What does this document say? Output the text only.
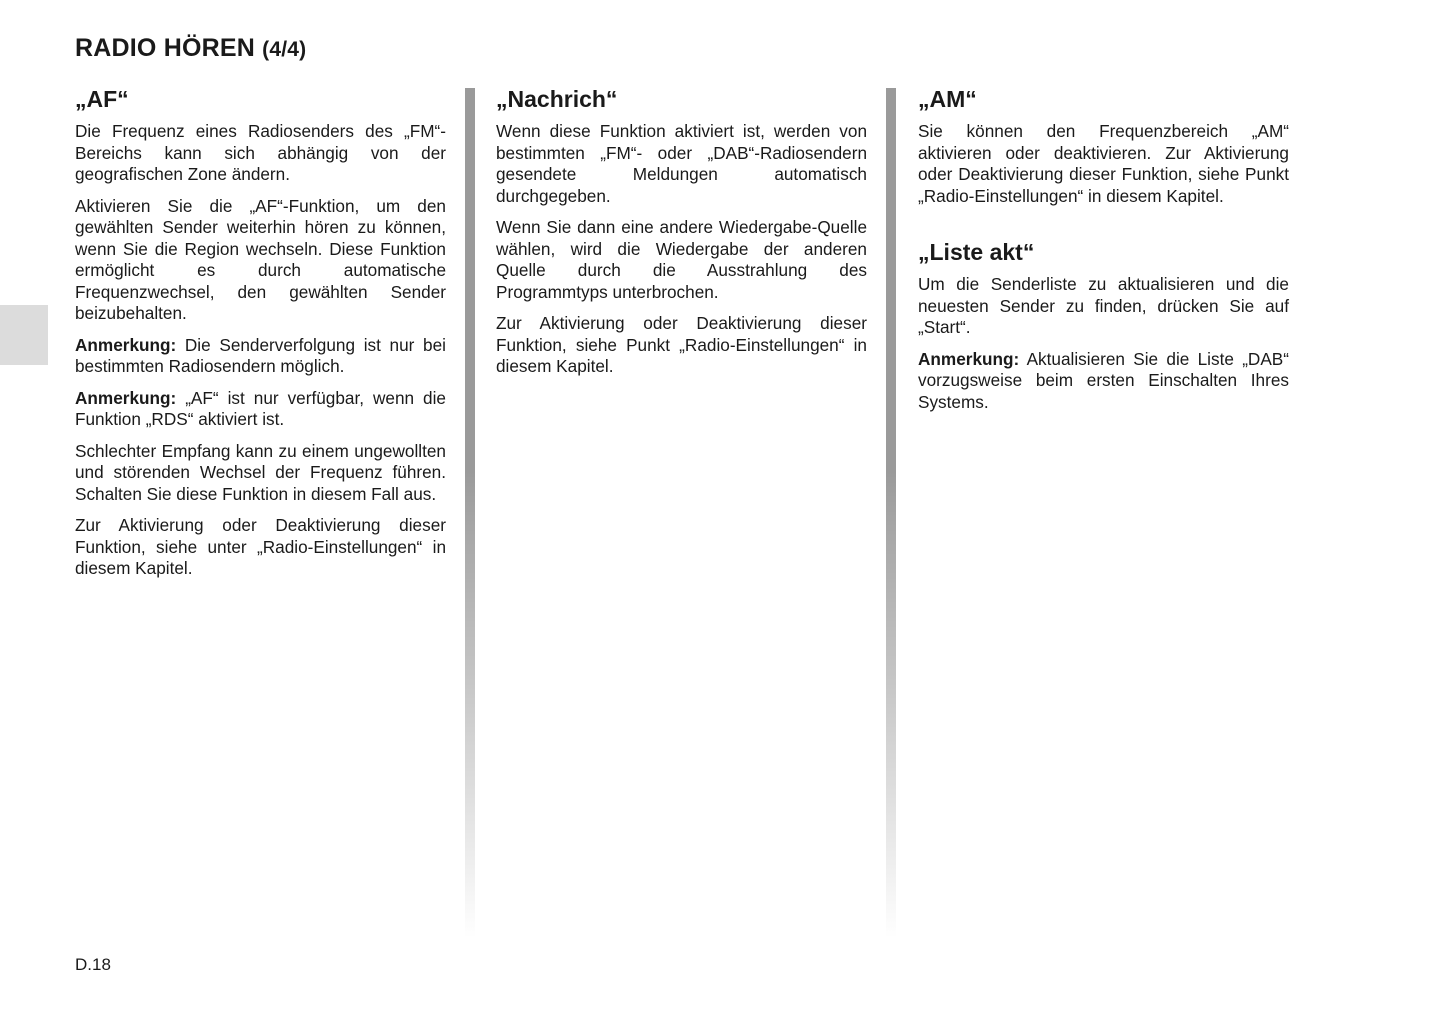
RADIO HÖREN (4/4)
„AF“

Die Frequenz eines Radiosenders des „FM“-Bereichs kann sich abhängig von der geografischen Zone ändern.

Aktivieren Sie die „AF“-Funktion, um den gewählten Sender weiterhin hören zu können, wenn Sie die Region wechseln. Diese Funktion ermöglicht es durch automatische Frequenzwechsel, den gewählten Sender beizubehalten.

Anmerkung: Die Senderverfolgung ist nur bei bestimmten Radiosendern möglich.

Anmerkung: „AF“ ist nur verfügbar, wenn die Funktion „RDS“ aktiviert ist.

Schlechter Empfang kann zu einem ungewollten und störenden Wechsel der Frequenz führen. Schalten Sie diese Funktion in diesem Fall aus.

Zur Aktivierung oder Deaktivierung dieser Funktion, siehe unter „Radio-Einstellungen“ in diesem Kapitel.

„Nachrich“

Wenn diese Funktion aktiviert ist, werden von bestimmten „FM“- oder „DAB“-Radiosendern gesendete Meldungen automatisch durchgegeben.

Wenn Sie dann eine andere Wiedergabe-Quelle wählen, wird die Wiedergabe der anderen Quelle durch die Ausstrahlung des Programmtyps unterbrochen.

Zur Aktivierung oder Deaktivierung dieser Funktion, siehe Punkt „Radio-Einstellungen“ in diesem Kapitel.

„AM“

Sie können den Frequenzbereich „AM“ aktivieren oder deaktivieren. Zur Aktivierung oder Deaktivierung dieser Funktion, siehe Punkt „Radio-Einstellungen“ in diesem Kapitel.

„Liste akt“

Um die Senderliste zu aktualisieren und die neuesten Sender zu finden, drücken Sie auf „Start“.

Anmerkung: Aktualisieren Sie die Liste „DAB“ vorzugsweise beim ersten Einschalten Ihres Systems.

D.18
